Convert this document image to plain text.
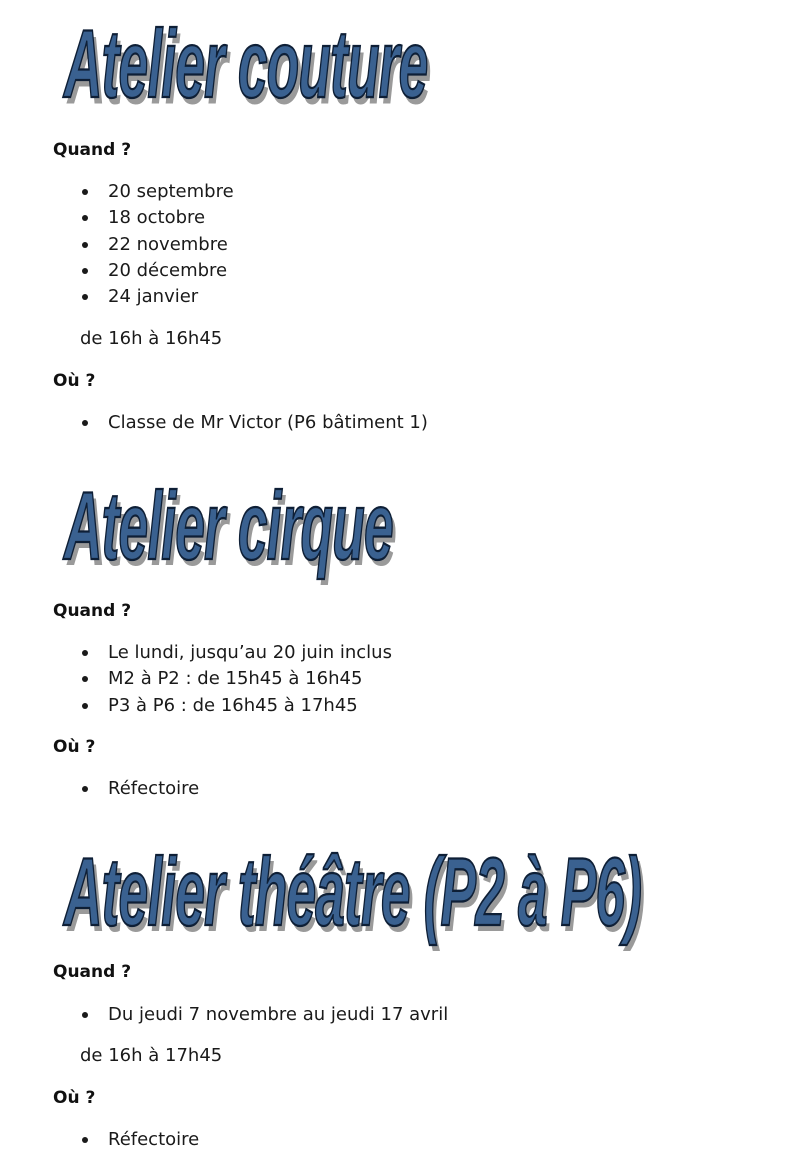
Atelier couture

Quand ?

20 septembre
18 octobre
22 novembre
20 décembre
24 janvier

de 16h à 16h45

Où ?

Classe de Mr Victor (P6 bâtiment 1)
Atelier cirque

Quand ?

Le lundi, jusqu’au 20 juin inclus
M2 à P2 : de 15h45 à 16h45
P3 à P6 : de 16h45 à 17h45

Où ?

Réfectoire
Atelier théâtre (P2 à P6)

Quand ?

Du jeudi 7 novembre au jeudi 17 avril

de 16h à 17h45

Où ?

Réfectoire
